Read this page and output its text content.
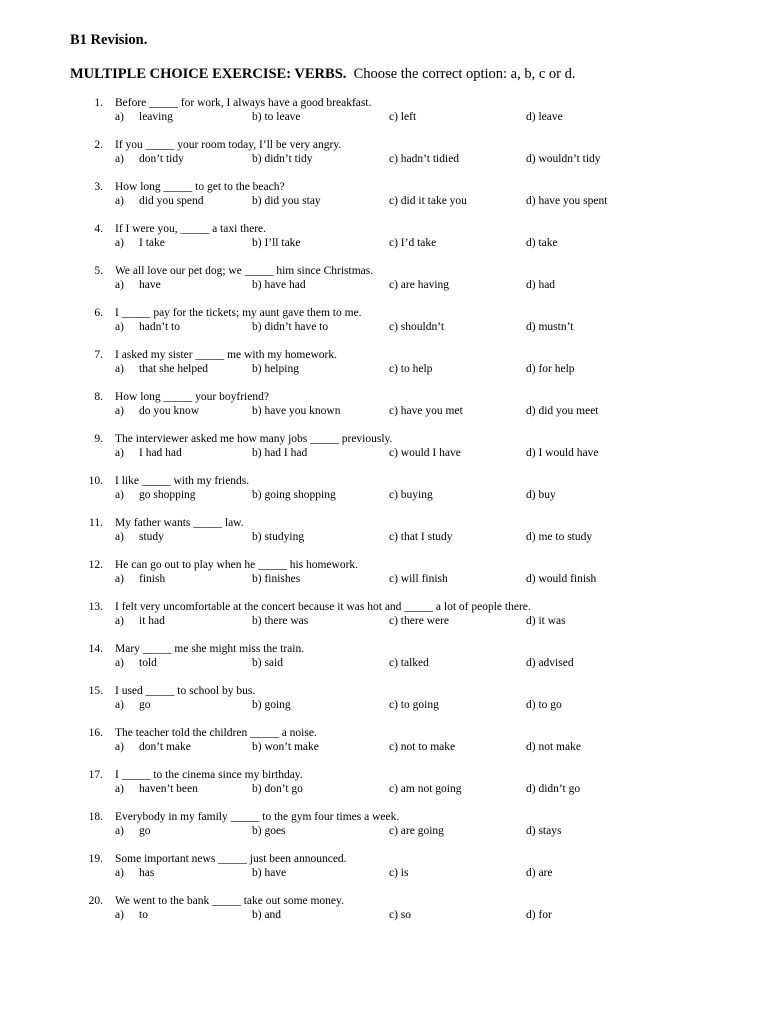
B1 Revision.
MULTIPLE CHOICE EXERCISE: VERBS. Choose the correct option: a, b, c or d.
1. Before _____ for work, I always have a good breakfast.
a) leaving	b) to leave	c) left	d) leave
2. If you _____ your room today, I’ll be very angry.
a) don’t tidy	b) didn’t tidy	c) hadn’t tidied	d) wouldn’t tidy
3. How long _____ to get to the beach?
a) did you spend	b) did you stay	c) did it take you	d) have you spent
4. If I were you, _____ a taxi there.
a) I take	b) I’ll take	c) I’d take	d) take
5. We all love our pet dog; we _____ him since Christmas.
a) have	b) have had	c) are having	d) had
6. I _____ pay for the tickets; my aunt gave them to me.
a) hadn’t to	b) didn’t have to	c) shouldn’t	d) mustn’t
7. I asked my sister _____ me with my homework.
a) that she helped	b) helping	c) to help	d) for help
8. How long _____ your boyfriend?
a) do you know	b) have you known	c) have you met	d) did you meet
9. The interviewer asked me how many jobs _____ previously.
a) I had had	b) had I had	c) would I have	d) I would have
10. I like _____ with my friends.
a) go shopping	b) going shopping	c) buying	d) buy
11. My father wants _____ law.
a) study	b) studying	c) that I study	d) me to study
12. He can go out to play when he _____ his homework.
a) finish	b) finishes	c) will finish	d) would finish
13. I felt very uncomfortable at the concert because it was hot and _____ a lot of people there.
a) it had	b) there was	c) there were	d) it was
14. Mary _____ me she might miss the train.
a) told	b) said	c) talked	d) advised
15. I used _____ to school by bus.
a) go	b) going	c) to going	d) to go
16. The teacher told the children _____ a noise.
a) don’t make	b) won’t make	c) not to make	d) not make
17. I _____ to the cinema since my birthday.
a) haven’t been	b) don’t go	c) am not going	d) didn’t go
18. Everybody in my family _____ to the gym four times a week.
a) go	b) goes	c) are going	d) stays
19. Some important news _____ just been announced.
a) has	b) have	c) is	d) are
20. We went to the bank _____ take out some money.
a) to	b) and	c) so	d) for
